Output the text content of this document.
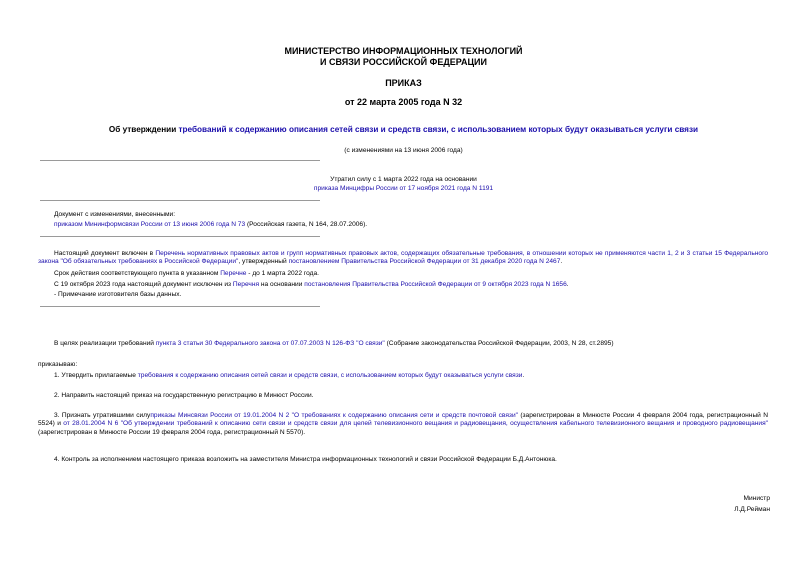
МИНИСТЕРСТВО ИНФОРМАЦИОННЫХ ТЕХНОЛОГИЙ
И СВЯЗИ РОССИЙСКОЙ ФЕДЕРАЦИИ
ПРИКАЗ
от 22 марта 2005 года N 32
Об утверждении требований к содержанию описания сетей связи и средств связи, с использованием которых будут оказываться услуги связи
(с изменениями на 13 июня 2006 года)
Утратил силу с 1 марта 2022 года на основании
приказа Минцифры России от 17 ноября 2021 года N 1191
Документ с изменениями, внесенными:
приказом Мининформсвязи России от 13 июня 2006 года N 73 (Российская газета, N 164, 28.07.2006).
Настоящий документ включен в Перечень нормативных правовых актов и групп нормативных правовых актов, содержащих обязательные требования, в отношении которых не применяются части 1, 2 и 3 статьи 15 Федерального закона "Об обязательных требованиях в Российской Федерации", утвержденный постановлением Правительства Российской Федерации от 31 декабря 2020 года N 2467.
Срок действия соответствующего пункта в указанном Перечне - до 1 марта 2022 года.
С 19 октября 2023 года настоящий документ исключен из Перечня на основании постановления Правительства Российской Федерации от 9 октября 2023 года N 1656.
- Примечание изготовителя базы данных.
В целях реализации требований пункта 3 статьи 30 Федерального закона от 07.07.2003 N 126-ФЗ "О связи" (Собрание законодательства Российской Федерации, 2003, N 28, ст.2895)
приказываю:
1. Утвердить прилагаемые требования к содержанию описания сетей связи и средств связи, с использованием которых будут оказываться услуги связи.
2. Направить настоящий приказ на государственную регистрацию в Минюст России.
3. Признать утратившими силуприказы Минсвязи России от 19.01.2004 N 2 "О требованиях к содержанию описания сети и средств почтовой связи" (зарегистрирован в Минюсте России 4 февраля 2004 года, регистрационный N 5524) и от 28.01.2004 N 6 "Об утверждении требований к описанию сети связи и средств связи для целей телевизионного вещания и радиовещания, осуществления кабельного телевизионного вещания и проводного радиовещания" (зарегистрирован в Минюсте России 19 февраля 2004 года, регистрационный N 5570).
4. Контроль за исполнением настоящего приказа возложить на заместителя Министра информационных технологий и связи Российской Федерации Б.Д.Антонюка.
Министр
Л.Д.Рейман
